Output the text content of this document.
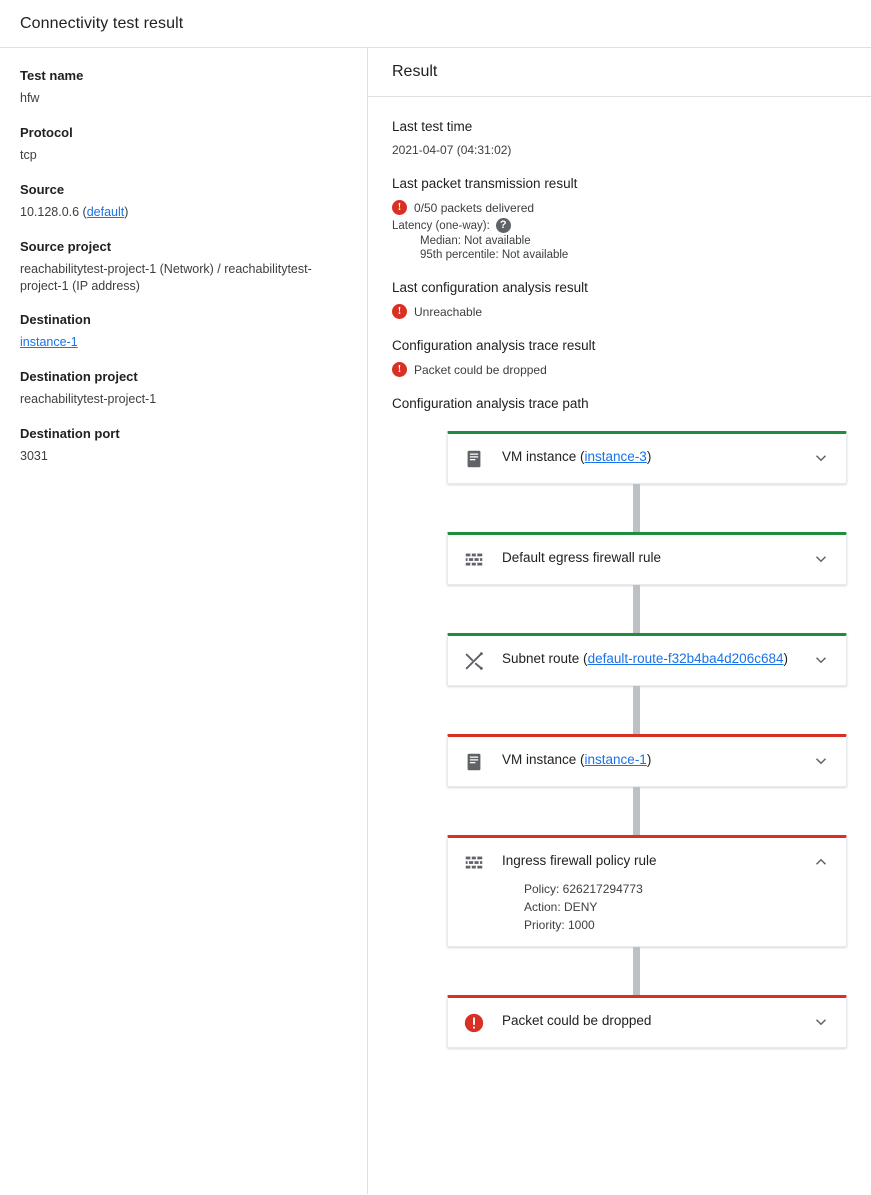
Connectivity test result
Test name
hfw
Protocol
tcp
Source
10.128.0.6 (default)
Source project
reachabilitytest-project-1 (Network) / reachabilitytest-project-1 (IP address)
Destination
instance-1
Destination project
reachabilitytest-project-1
Destination port
3031
Result
Last test time
2021-04-07 (04:31:02)
Last packet transmission result
!	0/50 packets delivered
Latency (one-way): ?
Median: Not available
95th percentile: Not available
Last configuration analysis result
!	Unreachable
Configuration analysis trace result
!	Packet could be dropped
Configuration analysis trace path
VM instance (instance-3)
Default egress firewall rule
Subnet route (default-route-f32b4ba4d206c684)
VM instance (instance-1)
Ingress firewall policy rule
Policy: 626217294773
Action: DENY
Priority: 1000
Packet could be dropped
